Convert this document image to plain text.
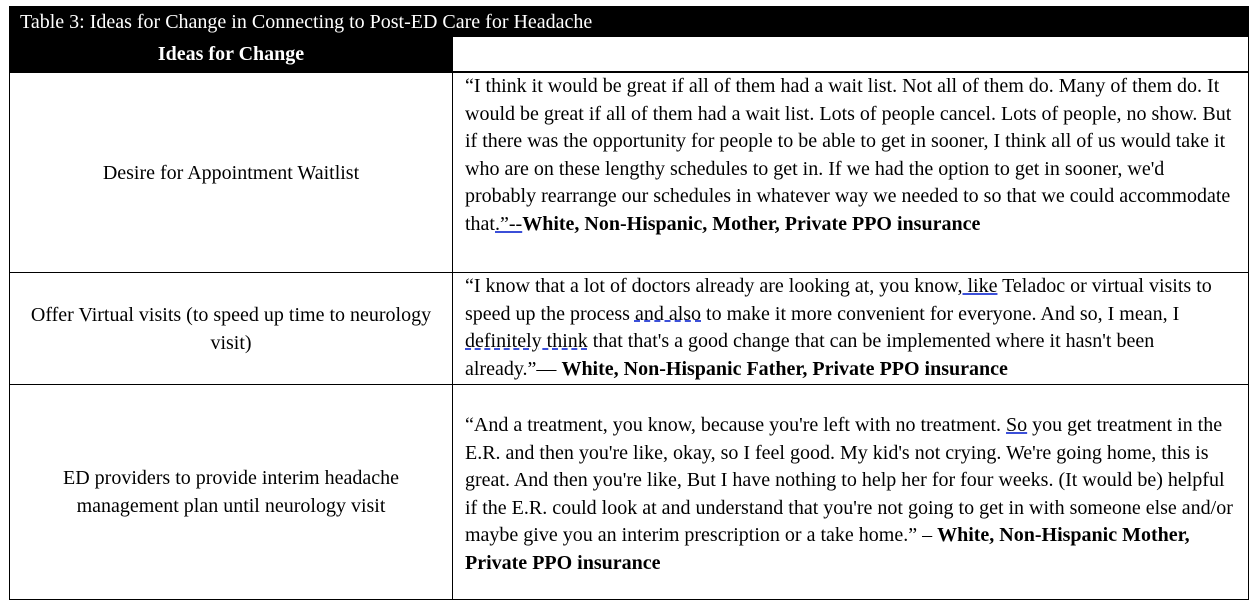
Table 3: Ideas for Change in Connecting to Post-ED Care for Headache
Ideas for Change
Desire for Appointment Waitlist
“I think it would be great if all of them had a wait list. Not all of them do. Many of them do. It would be great if all of them had a wait list. Lots of people cancel. Lots of people, no show. But if there was the opportunity for people to be able to get in sooner, I think all of us would take it who are on these lengthy schedules to get in. If we had the option to get in sooner, we'd probably rearrange our schedules in whatever way we needed to so that we could accommodate that.”--White, Non-Hispanic, Mother, Private PPO insurance
Offer Virtual visits (to speed up time to neurology visit)
“I know that a lot of doctors already are looking at, you know, like Teladoc or virtual visits to speed up the process and also to make it more convenient for everyone. And so, I mean, I definitely think that that's a good change that can be implemented where it hasn't been already.”— White, Non-Hispanic Father, Private PPO insurance
ED providers to provide interim headache management plan until neurology visit
“And a treatment, you know, because you're left with no treatment. So you get treatment in the E.R. and then you're like, okay, so I feel good. My kid's not crying. We're going home, this is great. And then you're like, But I have nothing to help her for four weeks. (It would be) helpful if the E.R. could look at and understand that you're not going to get in with someone else and/or maybe give you an interim prescription or a take home.” – White, Non-Hispanic Mother, Private PPO insurance
